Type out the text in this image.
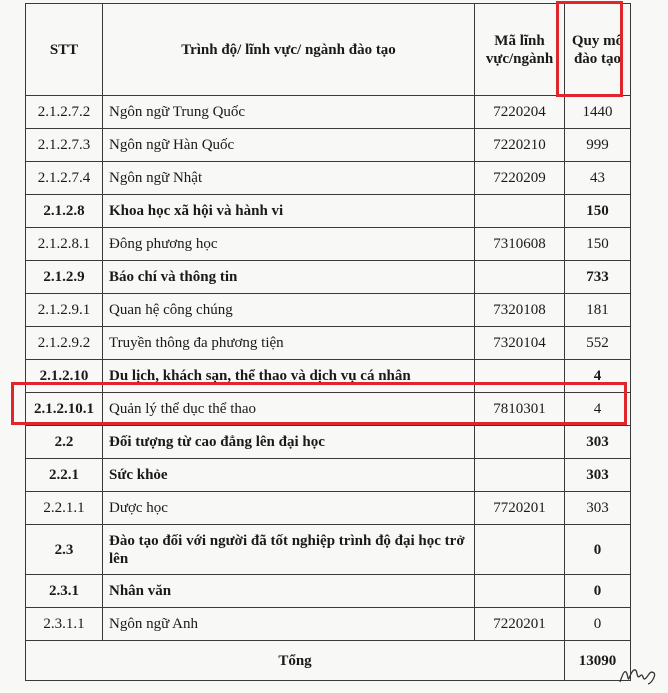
STT	Trình độ/ lĩnh vực/ ngành đào tạo	Mã lĩnh vực/ngành	Quy mô đào tạo
2.1.2.7.2	Ngôn ngữ Trung Quốc	7220204	1440
2.1.2.7.3	Ngôn ngữ Hàn Quốc	7220210	999
2.1.2.7.4	Ngôn ngữ Nhật	7220209	43
2.1.2.8	Khoa học xã hội và hành vi		150
2.1.2.8.1	Đông phương học	7310608	150
2.1.2.9	Báo chí và thông tin		733
2.1.2.9.1	Quan hệ công chúng	7320108	181
2.1.2.9.2	Truyền thông đa phương tiện	7320104	552
2.1.2.10	Du lịch, khách sạn, thể thao và dịch vụ cá nhân		4
2.1.2.10.1	Quản lý thể dục thể thao	7810301	4
2.2	Đối tượng từ cao đẳng lên đại học		303
2.2.1	Sức khỏe		303
2.2.1.1	Dược học	7720201	303
2.3	Đào tạo đối với người đã tốt nghiệp trình độ đại học trở lên		0
2.3.1	Nhân văn		0
2.3.1.1	Ngôn ngữ Anh	7220201	0
Tổng			13090
